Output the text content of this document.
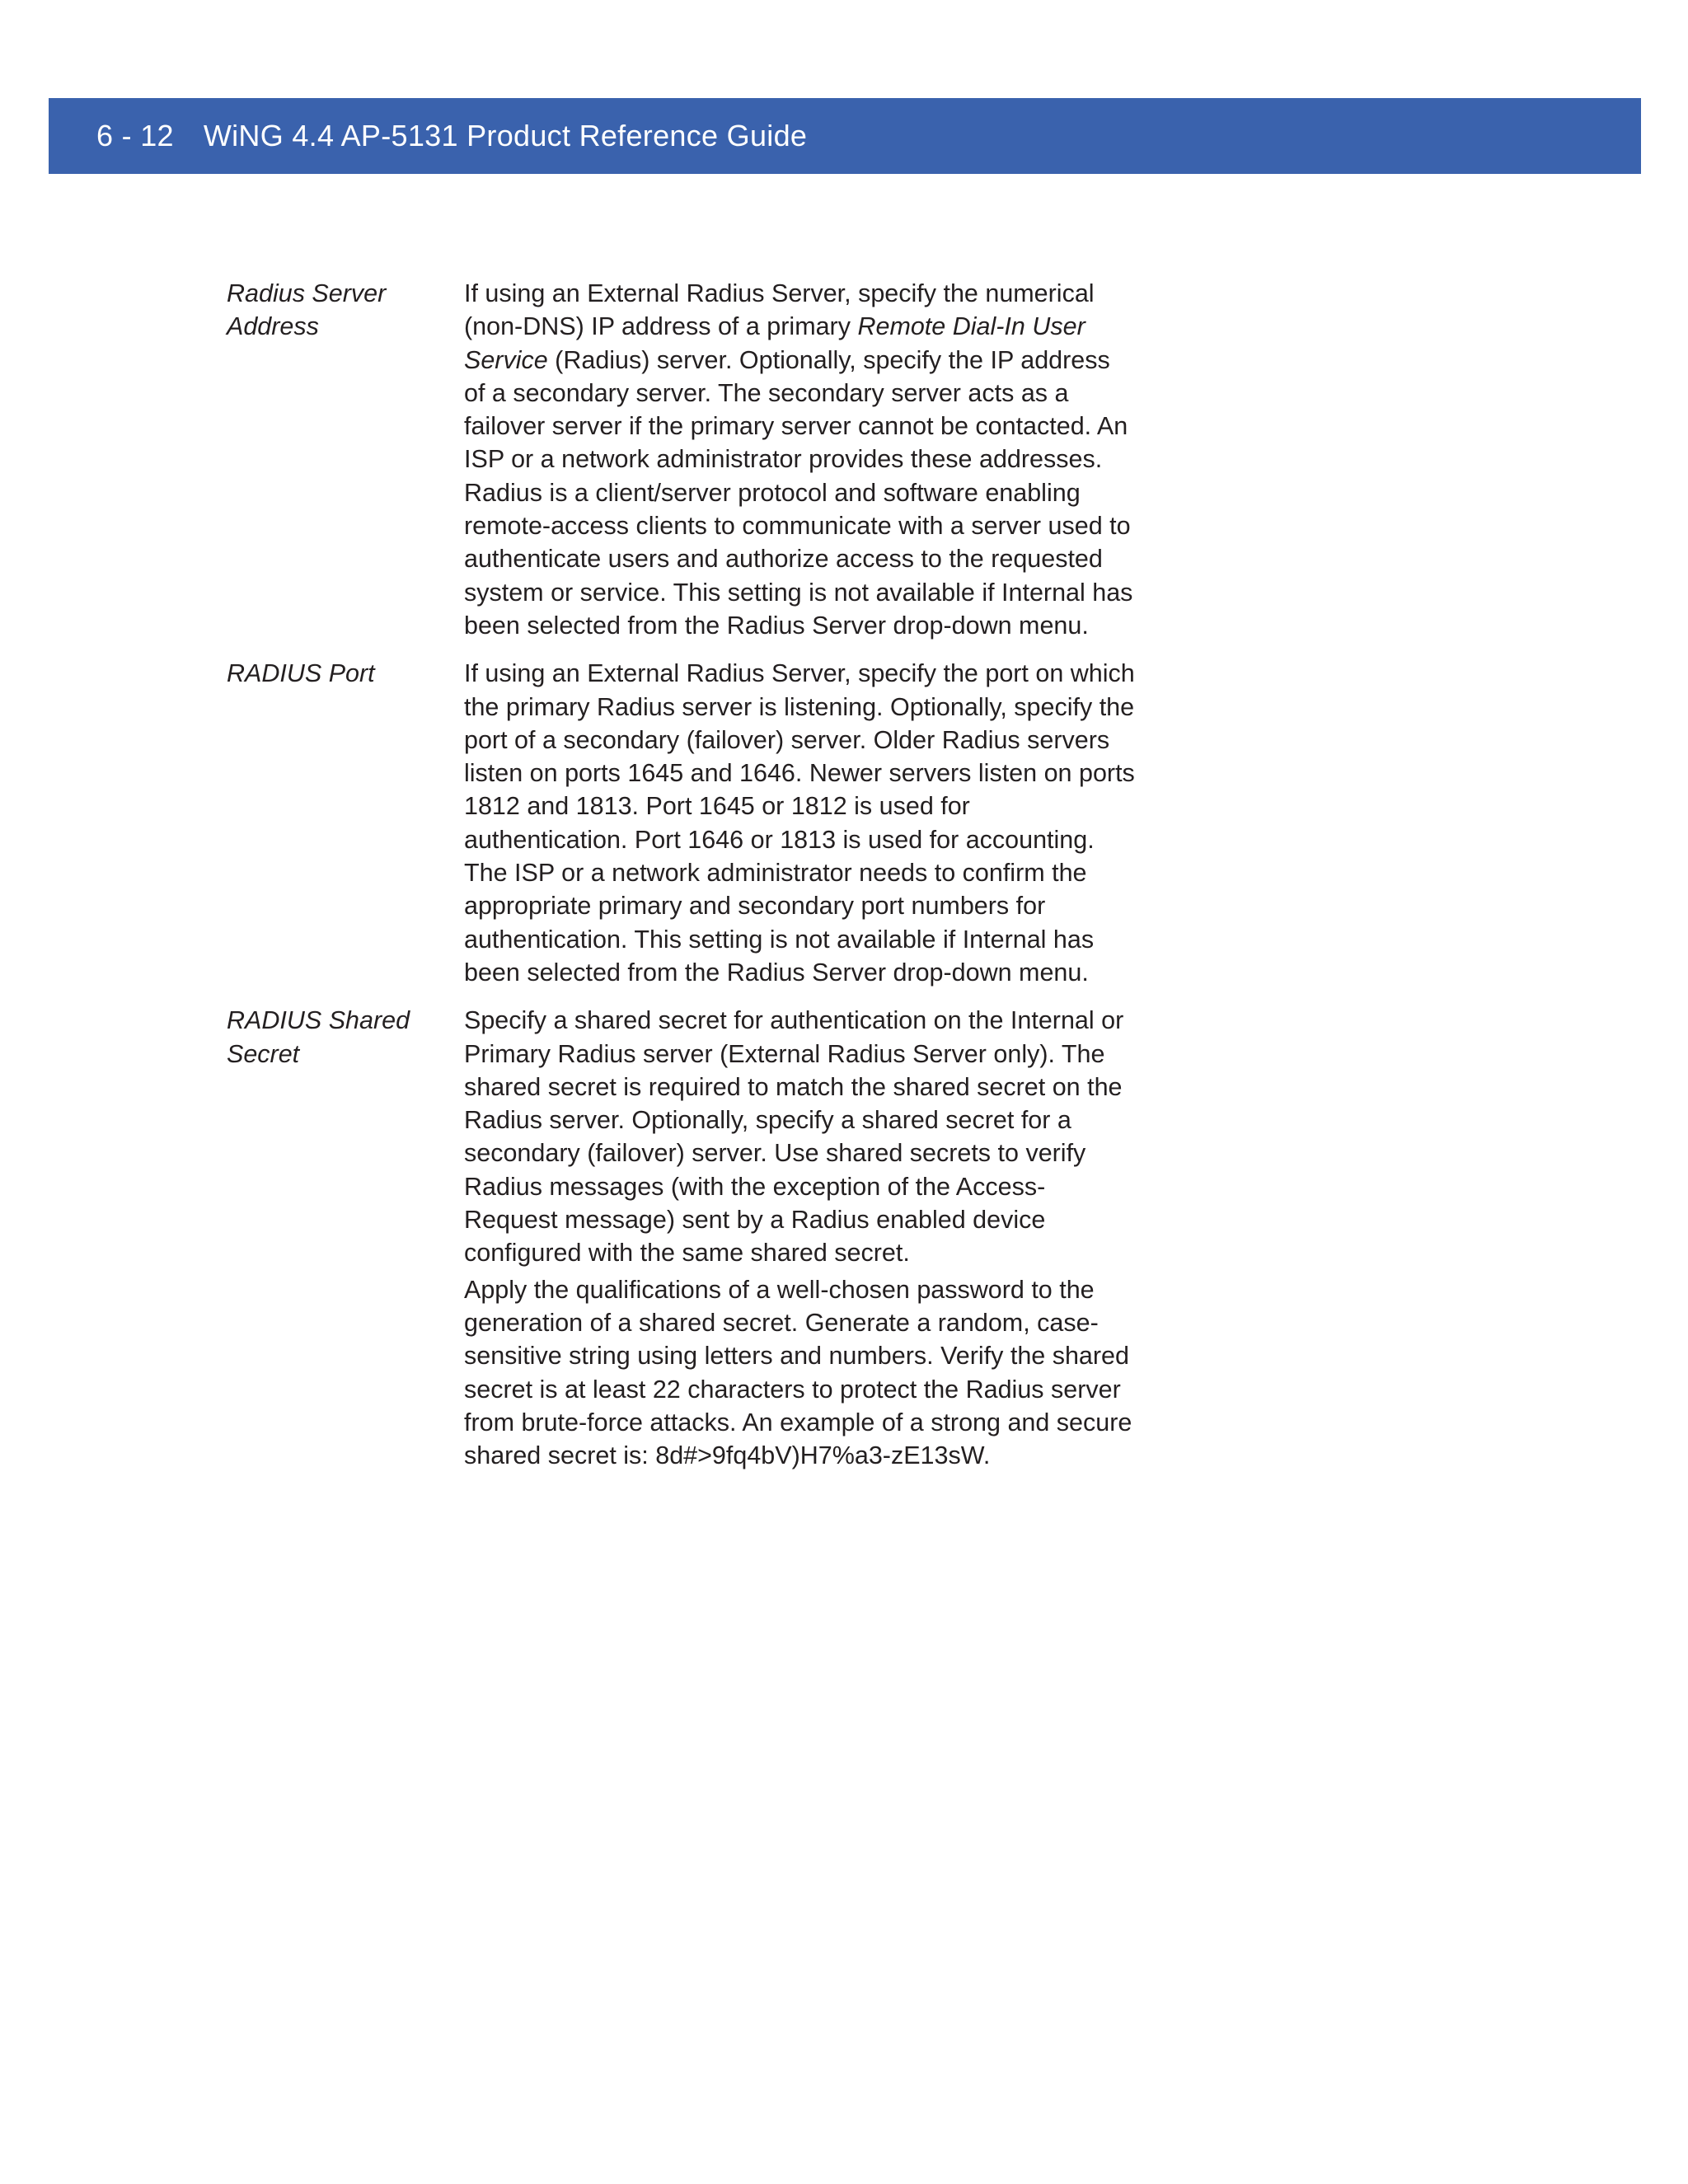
6 - 12 WiNG 4.4 AP-5131 Product Reference Guide
Radius Server Address

If using an External Radius Server, specify the numerical (non-DNS) IP address of a primary Remote Dial-In User Service (Radius) server. Optionally, specify the IP address of a secondary server. The secondary server acts as a failover server if the primary server cannot be contacted. An ISP or a network administrator provides these addresses.

Radius is a client/server protocol and software enabling remote-access clients to communicate with a server used to authenticate users and authorize access to the requested system or service. This setting is not available if Internal has been selected from the Radius Server drop-down menu.

RADIUS Port	If using an External Radius Server, specify the port on which the primary Radius server is listening. Optionally, specify the port of a secondary (failover) server. Older Radius servers listen on ports 1645 and 1646. Newer servers listen on ports 1812 and 1813. Port 1645 or 1812 is used for authentication. Port 1646 or 1813 is used for accounting. The ISP or a network administrator needs to confirm the appropriate primary and secondary port numbers for authentication. This setting is not available if Internal has been selected from the Radius Server drop-down menu.

RADIUS Shared Secret

Specify a shared secret for authentication on the Internal or Primary Radius server (External Radius Server only). The shared secret is required to match the shared secret on the Radius server. Optionally, specify a shared secret for a secondary (failover) server. Use shared secrets to verify Radius messages (with the exception of the Access-Request message) sent by a Radius enabled device configured with the same shared secret.

Apply the qualifications of a well-chosen password to the generation of a shared secret. Generate a random, case-sensitive string using letters and numbers. Verify the shared secret is at least 22 characters to protect the Radius server from brute-force attacks. An example of a strong and secure shared secret is: 8d#>9fq4bV)H7%a3-zE13sW.
